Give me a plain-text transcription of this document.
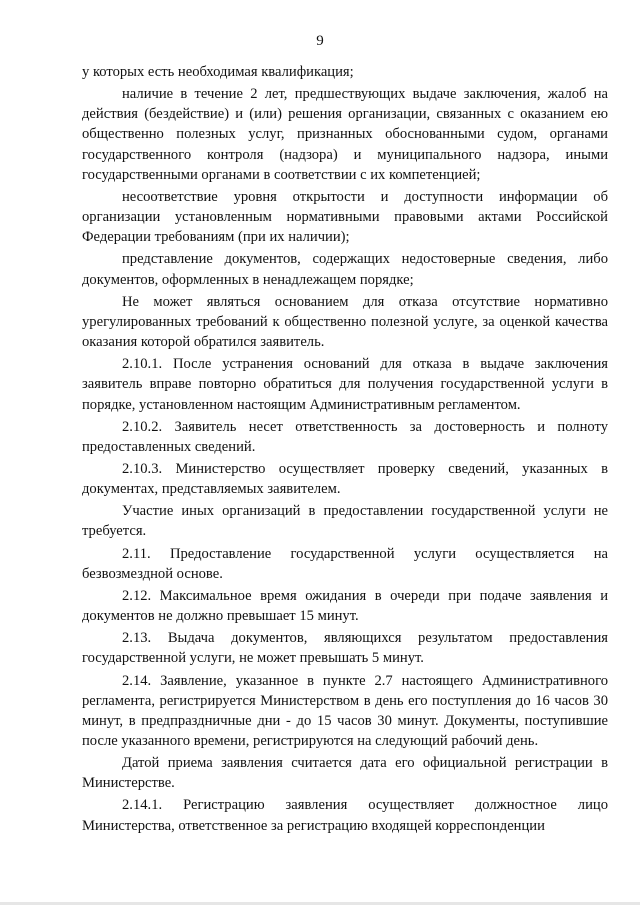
9

у которых есть необходимая квалификация;

наличие в течение 2 лет, предшествующих выдаче заключения, жалоб на действия (бездействие) и (или) решения организации, связанных с оказанием ею общественно полезных услуг, признанных обоснованными судом, органами государственного контроля (надзора) и муниципального надзора, иными государственными органами в соответствии с их компетенцией;

несоответствие уровня открытости и доступности информации об организации установленным нормативными правовыми актами Российской Федерации требованиям (при их наличии);

представление документов, содержащих недостоверные сведения, либо документов, оформленных в ненадлежащем порядке;

Не может являться основанием для отказа отсутствие нормативно урегулированных требований к общественно полезной услуге, за оценкой качества оказания которой обратился заявитель.

2.10.1. После устранения оснований для отказа в выдаче заключения заявитель вправе повторно обратиться для получения государственной услуги в порядке, установленном настоящим Административным регламентом.

2.10.2. Заявитель несет ответственность за достоверность и полноту предоставленных сведений.

2.10.3. Министерство осуществляет проверку сведений, указанных в документах, представляемых заявителем.

Участие иных организаций в предоставлении государственной услуги не требуется.

2.11. Предоставление государственной услуги осуществляется на безвозмездной основе.

2.12. Максимальное время ожидания в очереди при подаче заявления и документов не должно превышает 15 минут.

2.13. Выдача документов, являющихся результатом предоставления государственной услуги, не может превышать 5 минут.

2.14. Заявление, указанное в пункте 2.7 настоящего Административного регламента, регистрируется Министерством в день его поступления до 16 часов 30 минут, в предпраздничные дни - до 15 часов 30 минут. Документы, поступившие после указанного времени, регистрируются на следующий рабочий день.

Датой приема заявления считается дата его официальной регистрации в Министерстве.

2.14.1. Регистрацию заявления осуществляет должностное лицо Министерства, ответственное за регистрацию входящей корреспонденции
